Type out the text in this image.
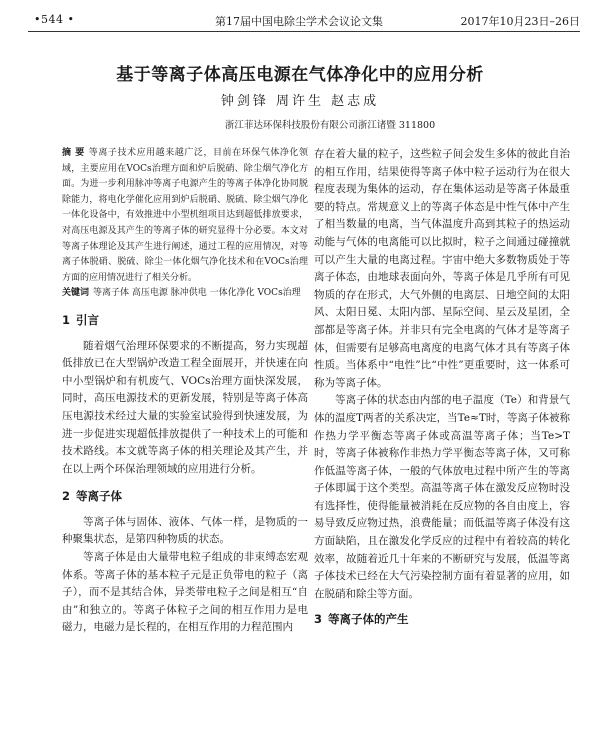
•544 •	第17届中国电除尘学术会议论文集	2017年10月23日–26日
基于等离子体高压电源在气体净化中的应用分析
钟剑锋 周许生 赵志成
浙江菲达环保科技股份有限公司浙江诸暨 311800

摘 要 等离子技术应用越来越广泛，目前在环保气体净化领域，主要应用在VOCs治理方面和炉后脱硝、除尘烟气净化方面。为进一步利用脉冲等离子电源产生的等离子体净化协同脱除能力，将电化学催化应用到炉后脱硝、脱硫、除尘烟气净化一体化设备中，有效推进中小型机组项目达到超低排放要求，对高压电源及其产生的等离子体的研究显得十分必要。本文对等离子体理论及其产生进行阐述，通过工程的应用情况，对等离子体脱硝、脱硫、除尘一体化烟气净化技术和在VOCs治理方面的应用情况进行了相关分析。

关键词 等离子体 高压电源 脉冲供电 一体化净化 VOCs治理
1 引言

随着烟气治理环保要求的不断提高，努力实现超低排放已在大型锅炉改造工程全面展开，并快速在向中小型锅炉和有机废气、VOCs治理方面快深发展，同时，高压电源技术的更新发展，特别是等离子体高压电源技术经过大量的实验室试验得到快速发展，为进一步促进实现超低排放提供了一种技术上的可能和技术路线。本文就等离子体的相关理论及其产生，并在以上两个环保治理领域的应用进行分析。

2 等离子体

等离子体与固体、液体、气体一样，是物质的一种聚集状态，是第四种物质的状态。

等离子体是由大量带电粒子组成的非束缚态宏观体系。等离子体的基本粒子元是正负带电的粒子（离子），而不是其结合体，异类带电粒子之间是相互“自由”和独立的。等离子体粒子之间的相互作用力是电磁力，电磁力是长程的，在相互作用的力程范围内

存在着大量的粒子，这些粒子间会发生多体的彼此自治的相互作用，结果使得等离子体中粒子运动行为在很大程度表现为集体的运动，存在集体运动是等离子体最重要的特点。常规意义上的等离子体态是中性气体中产生了相当数量的电离，当气体温度升高到其粒子的热运动动能与气体的电离能可以比拟时，粒子之间通过碰撞就可以产生大量的电离过程。宇宙中绝大多数物质处于等离子体态，由地球表面向外，等离子体是几乎所有可见物质的存在形式，大气外侧的电离层、日地空间的太阳风、太阳日冕、太阳内部、星际空间、星云及星团，全部都是等离子体。并非只有完全电离的气体才是等离子体，但需要有足够高电离度的电离气体才具有等离子体性质。当体系中“电性”比“中性”更重要时，这一体系可称为等离子体。

等离子体的状态由内部的电子温度（Te）和背景气体的温度T两者的关系决定，当Te≈T时，等离子体被称作热力学平衡态等离子体或高温等离子体；当Te>T时，等离子体被称作非热力学平衡态等离子体，又可称作低温等离子体，一般的气体放电过程中所产生的等离子体即属于这个类型。高温等离子体在激发反应物时没有选择性，使得能量被消耗在反应物的各自由度上，容易导致反应物过热，浪费能量；而低温等离子体没有这方面缺陷，且在激发化学反应的过程中有着较高的转化效率，故随着近几十年来的不断研究与发展，低温等离子体技术已经在大气污染控制方面有着显著的应用，如在脱硝和除尘等方面。

3 等离子体的产生
